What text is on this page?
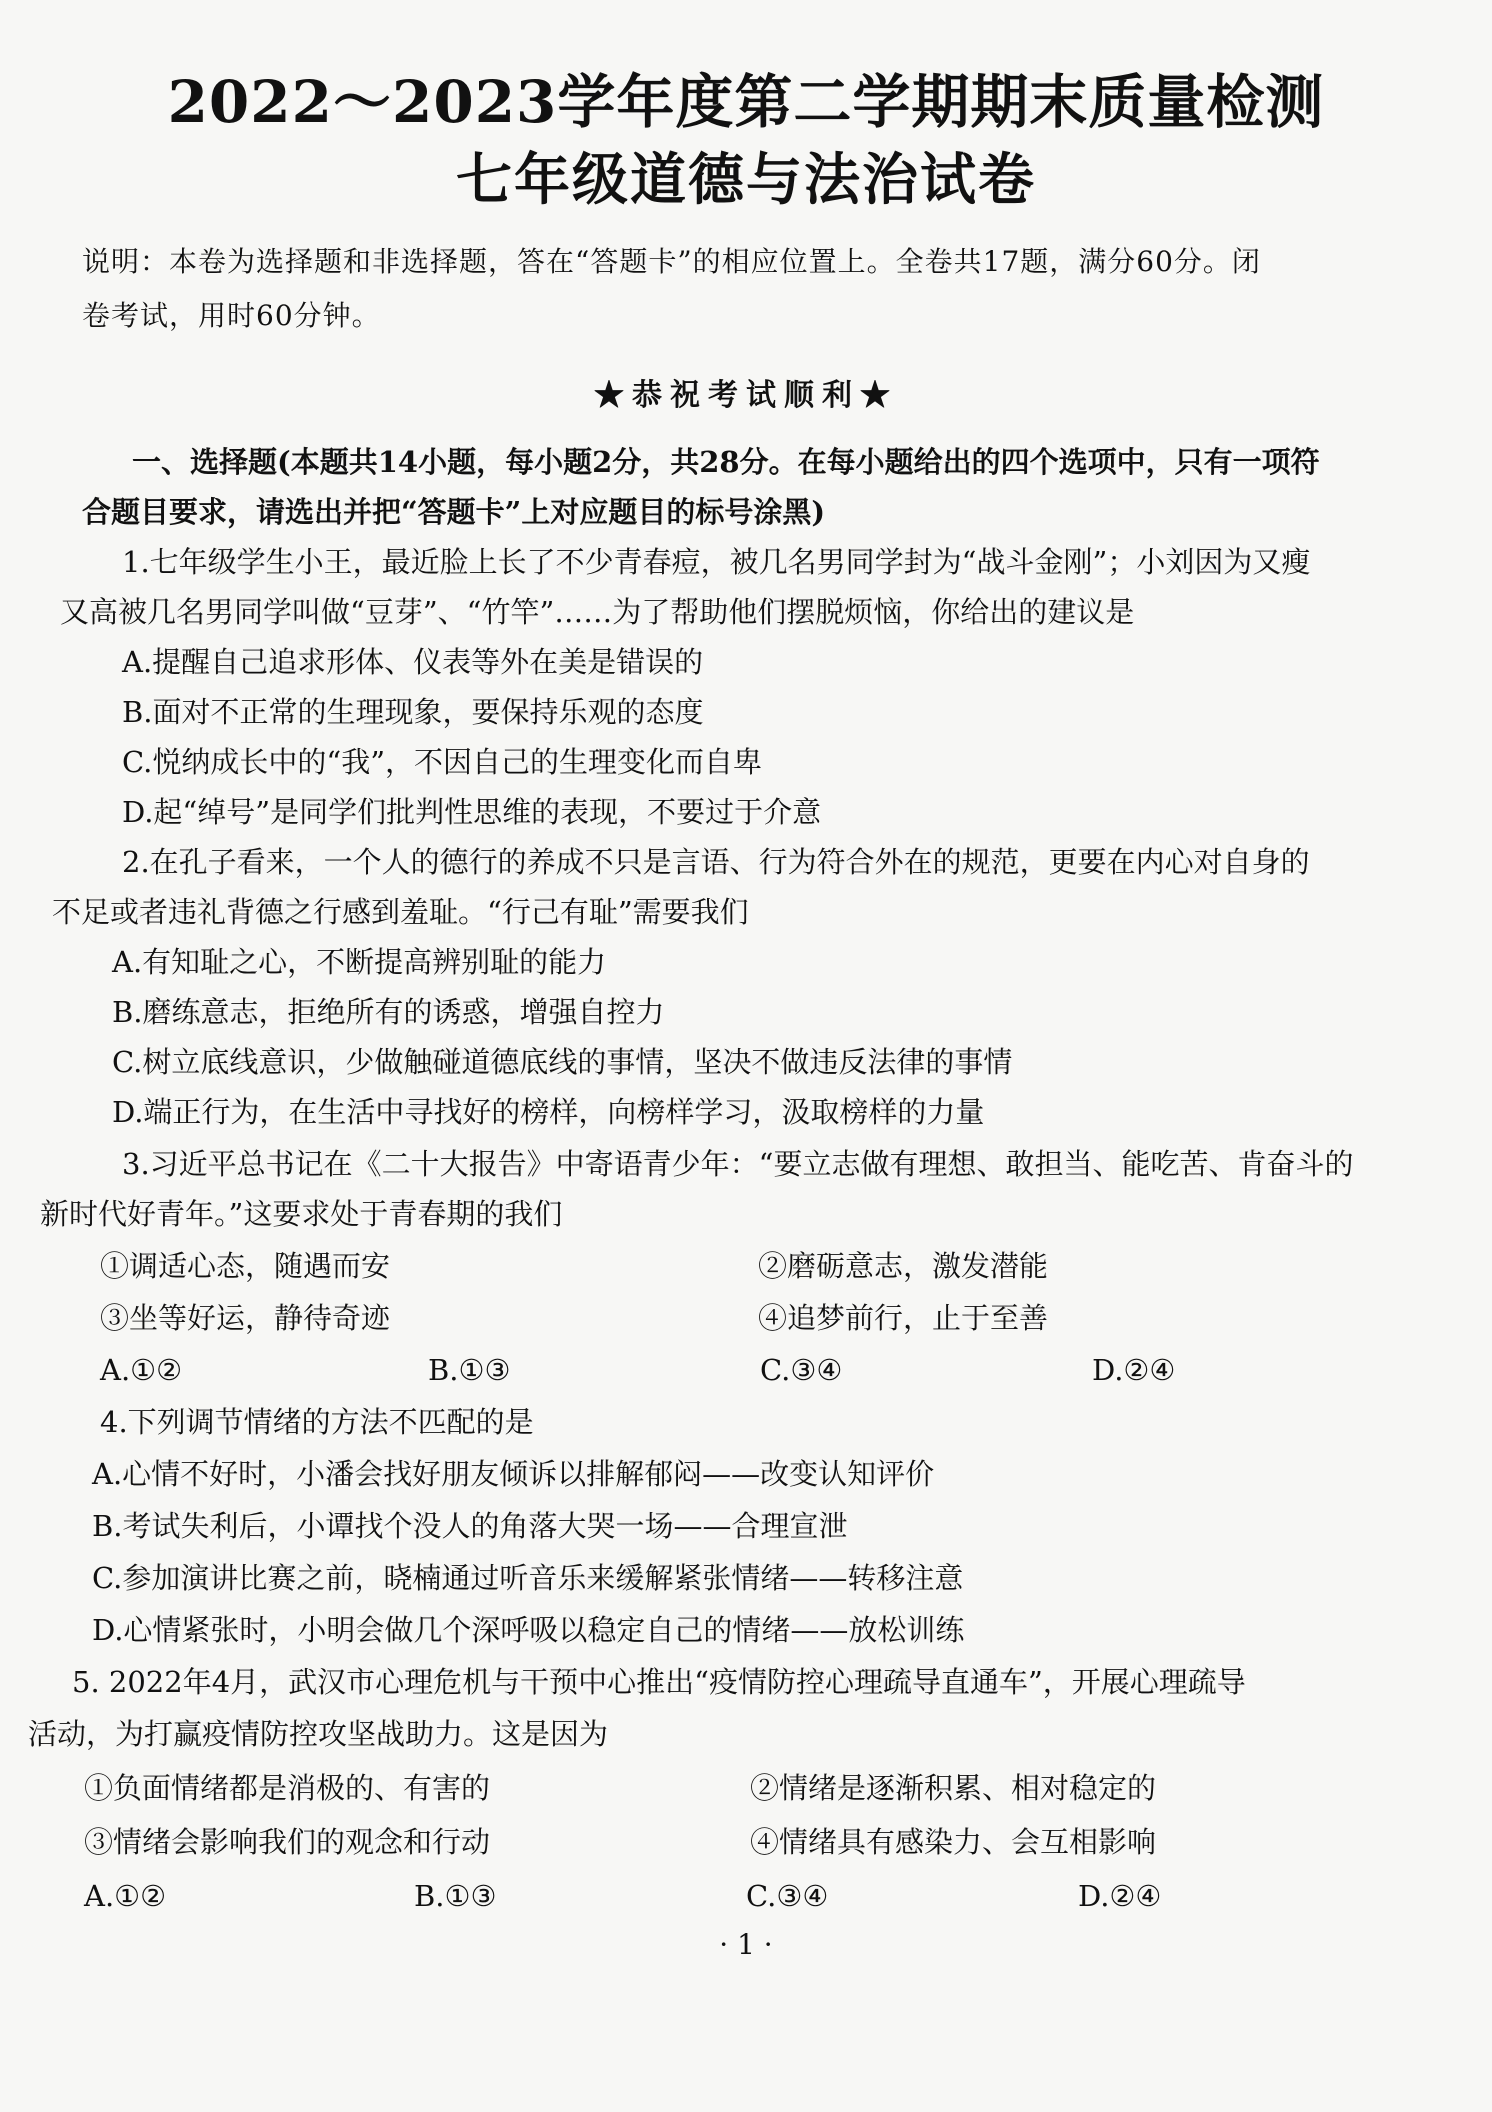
2022～2023学年度第二学期期末质量检测
七年级道德与法治试卷
说明：本卷为选择题和非选择题，答在“答题卡”的相应位置上。全卷共17题，满分60分。闭
卷考试，用时60分钟。
★恭祝考试顺利★
一、选择题(本题共14小题，每小题2分，共28分。在每小题给出的四个选项中，只有一项符
合题目要求，请选出并把“答题卡”上对应题目的标号涂黑)
1.七年级学生小王，最近脸上长了不少青春痘，被几名男同学封为“战斗金刚”；小刘因为又瘦
又高被几名男同学叫做“豆芽”、“竹竿”……为了帮助他们摆脱烦恼，你给出的建议是
A.提醒自己追求形体、仪表等外在美是错误的
B.面对不正常的生理现象，要保持乐观的态度
C.悦纳成长中的“我”，不因自己的生理变化而自卑
D.起“绰号”是同学们批判性思维的表现，不要过于介意
2.在孔子看来，一个人的德行的养成不只是言语、行为符合外在的规范，更要在内心对自身的
不足或者违礼背德之行感到羞耻。“行己有耻”需要我们
A.有知耻之心，不断提高辨别耻的能力
B.磨练意志，拒绝所有的诱惑，增强自控力
C.树立底线意识，少做触碰道德底线的事情，坚决不做违反法律的事情
D.端正行为，在生活中寻找好的榜样，向榜样学习，汲取榜样的力量
3.习近平总书记在《二十大报告》中寄语青少年：“要立志做有理想、敢担当、能吃苦、肯奋斗的
新时代好青年。”这要求处于青春期的我们
①调适心态，随遇而安	②磨砺意志，激发潜能
③坐等好运，静待奇迹	④追梦前行，止于至善
A.①②	B.①③	C.③④	D.②④
4.下列调节情绪的方法不匹配的是
A.心情不好时，小潘会找好朋友倾诉以排解郁闷——改变认知评价
B.考试失利后，小谭找个没人的角落大哭一场——合理宣泄
C.参加演讲比赛之前，晓楠通过听音乐来缓解紧张情绪——转移注意
D.心情紧张时，小明会做几个深呼吸以稳定自己的情绪——放松训练
5. 2022年4月，武汉市心理危机与干预中心推出“疫情防控心理疏导直通车”，开展心理疏导
活动，为打赢疫情防控攻坚战助力。这是因为
①负面情绪都是消极的、有害的	②情绪是逐渐积累、相对稳定的
③情绪会影响我们的观念和行动	④情绪具有感染力、会互相影响
A.①②	B.①③	C.③④	D.②④
· 1 ·
